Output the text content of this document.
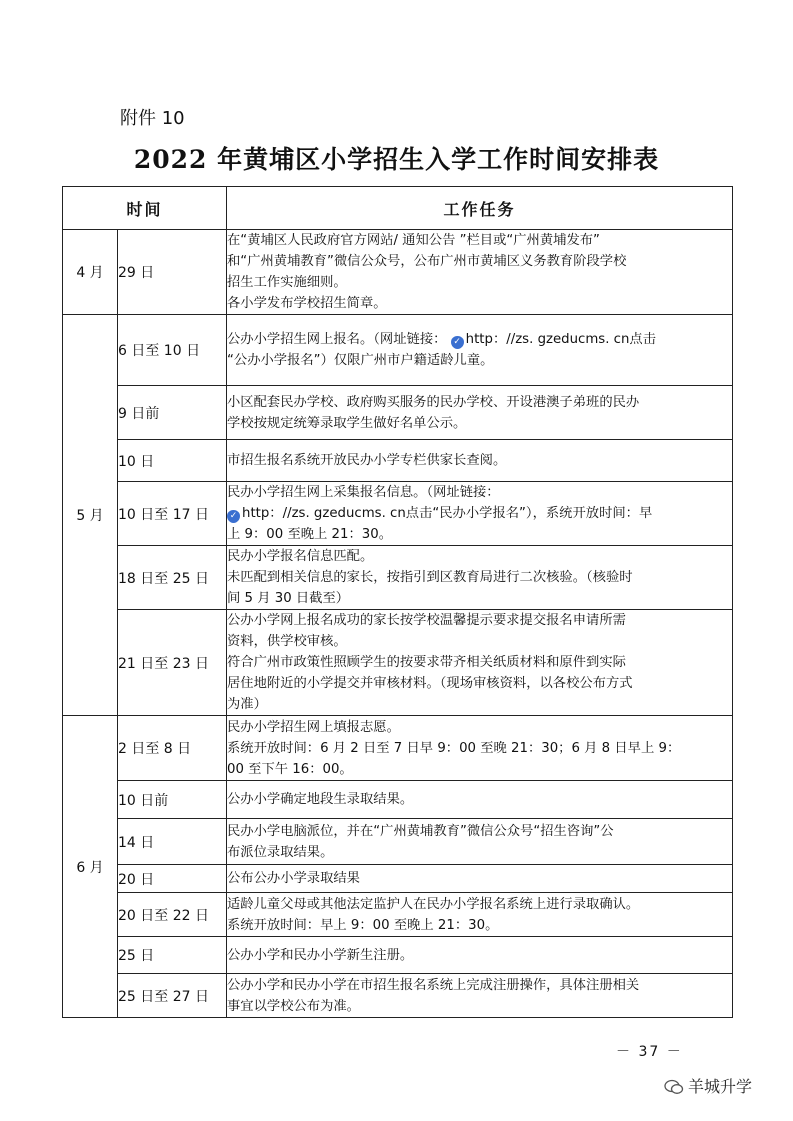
附件 10
2022 年黄埔区小学招生入学工作时间安排表
时间		工作任务
4 月	29 日	在“黄埔区人民政府官方网站/ 通知公告 ”栏目或“广州黄埔发布”
和“广州黄埔教育”微信公众号，公布广州市黄埔区义务教育阶段学校
招生工作实施细则。
各小学发布学校招生简章。
5 月	6 日至 10 日	公办小学招生网上报名。（网址链接： ✓ http：//zs. gzeducms. cn点击
“公办小学报名”）仅限广州市户籍适龄儿童。
	9 日前	小区配套民办学校、政府购买服务的民办学校、开设港澳子弟班的民办
学校按规定统筹录取学生做好名单公示。
	10 日	市招生报名系统开放民办小学专栏供家长查阅。
	10 日至 17 日	民办小学招生网上采集报名信息。（网址链接：
✓ http：//zs. gzeducms. cn点击“民办小学报名”），系统开放时间：早
上 9：00 至晚上 21：30。
	18 日至 25 日	民办小学报名信息匹配。
未匹配到相关信息的家长，按指引到区教育局进行二次核验。（核验时
间 5 月 30 日截至）
	21 日至 23 日	公办小学网上报名成功的家长按学校温馨提示要求提交报名申请所需
资料，供学校审核。
符合广州市政策性照顾学生的按要求带齐相关纸质材料和原件到实际
居住地附近的小学提交并审核材料。（现场审核资料，以各校公布方式
为准）
6 月	2 日至 8 日	民办小学招生网上填报志愿。
系统开放时间：6 月 2 日至 7 日早 9：00 至晚 21：30；6 月 8 日早上 9：
00 至下午 16：00。
	10 日前	公办小学确定地段生录取结果。
	14 日	民办小学电脑派位，并在“广州黄埔教育”微信公众号“招生咨询”公
布派位录取结果。
	20 日	公布公办小学录取结果
	20 日至 22 日	适龄儿童父母或其他法定监护人在民办小学报名系统上进行录取确认。
系统开放时间：早上 9：00 至晚上 21：30。
	25 日	公办小学和民办小学新生注册。
	25 日至 27 日	公办小学和民办小学在市招生报名系统上完成注册操作，具体注册相关
事宜以学校公布为准。
－ 37 －
羊城升学
